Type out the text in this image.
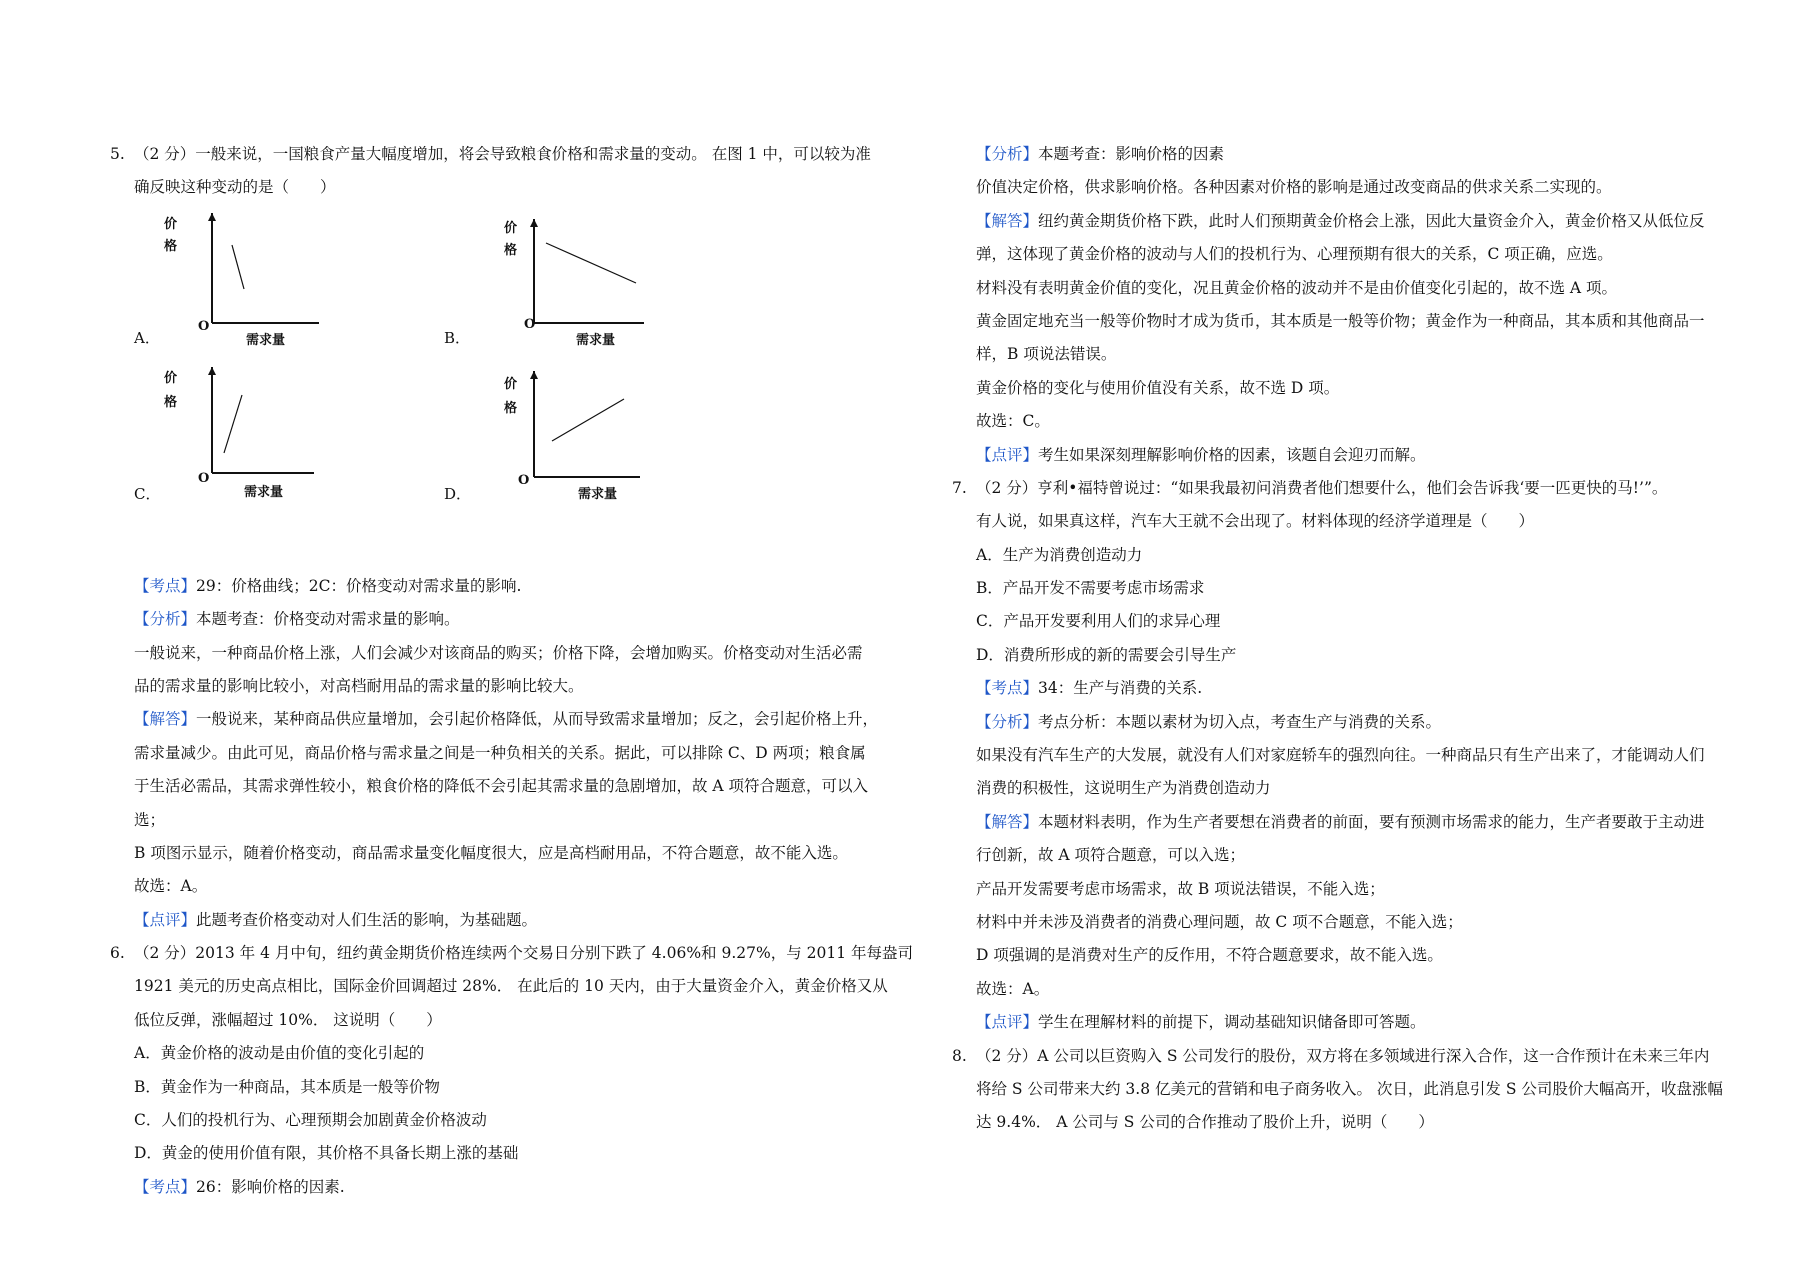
5. （2 分）一般来说，一国粮食产量大幅度增加，将会导致粮食价格和需求量的变动。 在图 1 中，可以较为准
确反映这种变动的是（　　）
价
格
O
需求量
A．
价
格
O
需求量
B．
价
格
O
需求量
C．
价
格
O
需求量
D．
【考点】29：价格曲线；2C：价格变动对需求量的影响.
【分析】本题考查：价格变动对需求量的影响。
一般说来，一种商品价格上涨，人们会减少对该商品的购买；价格下降，会增加购买。价格变动对生活必需
品的需求量的影响比较小，对高档耐用品的需求量的影响比较大。
【解答】一般说来，某种商品供应量增加，会引起价格降低，从而导致需求量增加；反之，会引起价格上升，
需求量减少。由此可见，商品价格与需求量之间是一种负相关的关系。据此，可以排除 C、D 两项；粮食属
于生活必需品，其需求弹性较小，粮食价格的降低不会引起其需求量的急剧增加，故 A 项符合题意，可以入
选；
B 项图示显示，随着价格变动，商品需求量变化幅度很大，应是高档耐用品，不符合题意，故不能入选。
故选：A。
【点评】此题考查价格变动对人们生活的影响，为基础题。
6. （2 分）2013 年 4 月中旬，纽约黄金期货价格连续两个交易日分别下跌了 4.06%和 9.27%，与 2011 年每盎司
1921 美元的历史高点相比，国际金价回调超过 28%． 在此后的 10 天内，由于大量资金介入，黄金价格又从
低位反弹，涨幅超过 10%． 这说明（　　）
A．黄金价格的波动是由价值的变化引起的
B．黄金作为一种商品，其本质是一般等价物
C．人们的投机行为、心理预期会加剧黄金价格波动
D．黄金的使用价值有限，其价格不具备长期上涨的基础
【考点】26：影响价格的因素.
【分析】本题考查：影响价格的因素
价值决定价格，供求影响价格。各种因素对价格的影响是通过改变商品的供求关系二实现的。
【解答】纽约黄金期货价格下跌，此时人们预期黄金价格会上涨，因此大量资金介入，黄金价格又从低位反
弹，这体现了黄金价格的波动与人们的投机行为、心理预期有很大的关系，C 项正确，应选。
材料没有表明黄金价值的变化，况且黄金价格的波动并不是由价值变化引起的，故不选 A 项。
黄金固定地充当一般等价物时才成为货币，其本质是一般等价物；黄金作为一种商品，其本质和其他商品一
样，B 项说法错误。
黄金价格的变化与使用价值没有关系，故不选 D 项。
故选：C。
【点评】考生如果深刻理解影响价格的因素，该题自会迎刃而解。
7. （2 分）亨利•福特曾说过：“如果我最初问消费者他们想要什么，他们会告诉我‘要一匹更快的马!’”。
有人说，如果真这样，汽车大王就不会出现了。材料体现的经济学道理是（　　）
A．生产为消费创造动力
B．产品开发不需要考虑市场需求
C．产品开发要利用人们的求异心理
D．消费所形成的新的需要会引导生产
【考点】34：生产与消费的关系.
【分析】考点分析：本题以素材为切入点，考查生产与消费的关系。
如果没有汽车生产的大发展，就没有人们对家庭轿车的强烈向往。一种商品只有生产出来了，才能调动人们
消费的积极性，这说明生产为消费创造动力
【解答】本题材料表明，作为生产者要想在消费者的前面，要有预测市场需求的能力，生产者要敢于主动进
行创新，故 A 项符合题意，可以入选；
产品开发需要考虑市场需求，故 B 项说法错误，不能入选；
材料中并未涉及消费者的消费心理问题，故 C 项不合题意，不能入选；
D 项强调的是消费对生产的反作用，不符合题意要求，故不能入选。
故选：A。
【点评】学生在理解材料的前提下，调动基础知识储备即可答题。
8. （2 分）A 公司以巨资购入 S 公司发行的股份，双方将在多领域进行深入合作，这一合作预计在未来三年内
将给 S 公司带来大约 3.8 亿美元的营销和电子商务收入。 次日，此消息引发 S 公司股价大幅高开，收盘涨幅
达 9.4%． A 公司与 S 公司的合作推动了股价上升，说明（　　）
